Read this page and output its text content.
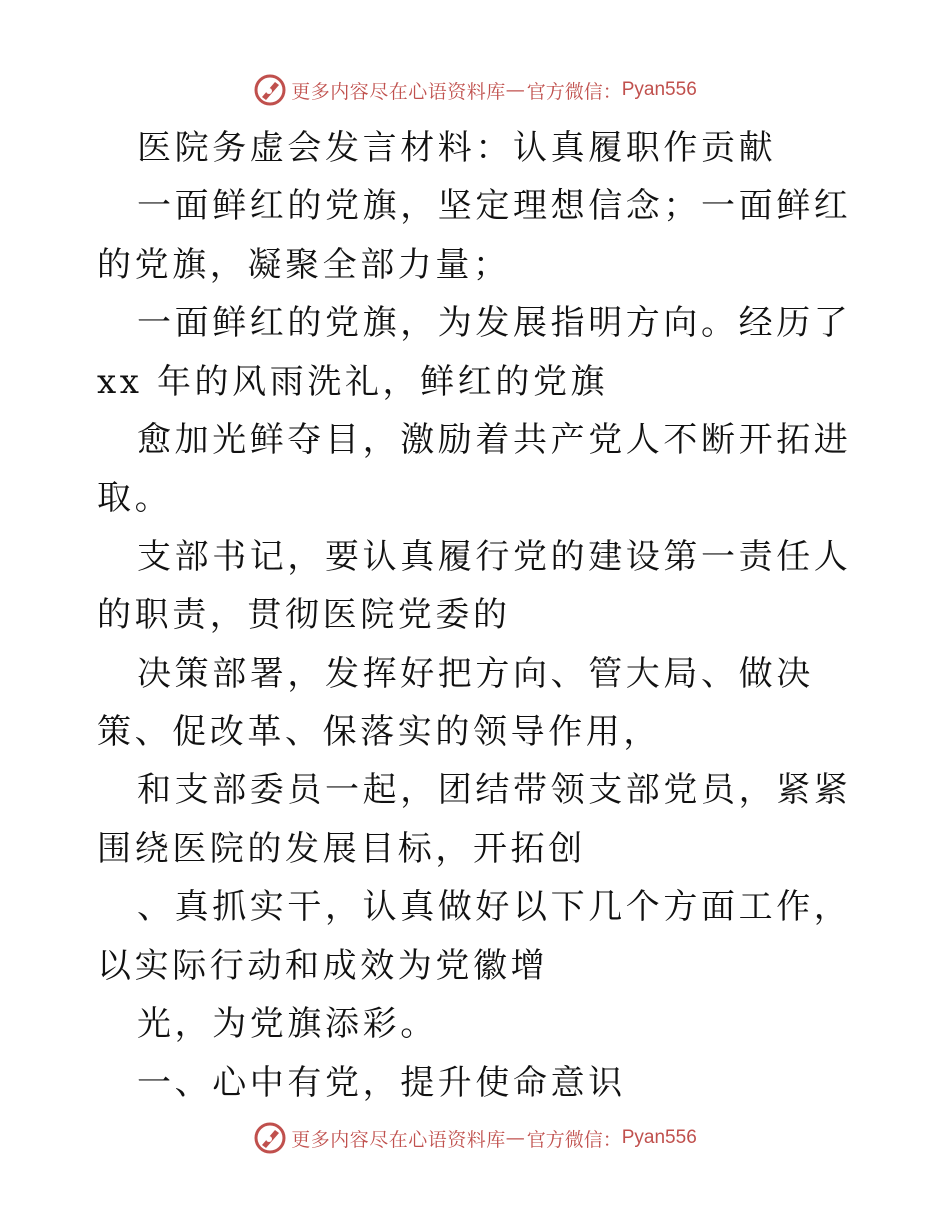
更多内容尽在心语资料库 — 官方微信： Pyan556

医院务虚会发言材料：认真履职作贡献

一面鲜红的党旗，坚定理想信念；一面鲜红的党旗，凝聚全部力量；

一面鲜红的党旗，为发展指明方向。经历了 xx 年的风雨洗礼，鲜红的党旗

愈加光鲜夺目，激励着共产党人不断开拓进取。

支部书记，要认真履行党的建设第一责任人的职责，贯彻医院党委的

决策部署，发挥好把方向、管大局、做决策、促改革、保落实的领导作用，

和支部委员一起，团结带领支部党员，紧紧围绕医院的发展目标，开拓创

、真抓实干，认真做好以下几个方面工作，以实际行动和成效为党徽增

光，为党旗添彩。

一、心中有党，提升使命意识

更多内容尽在心语资料库 — 官方微信： Pyan556
